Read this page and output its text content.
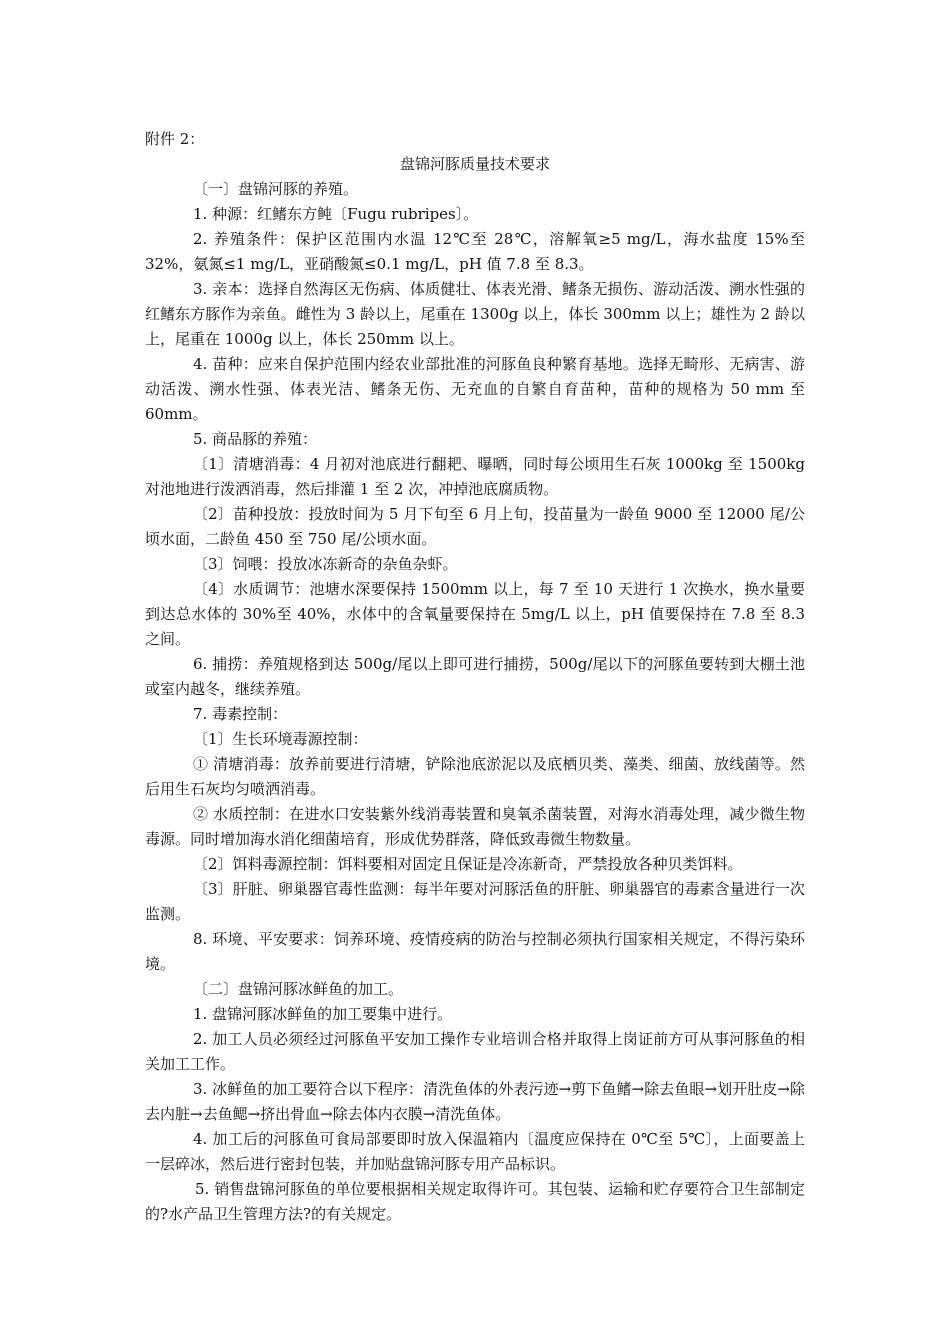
附件 2：

盘锦河豚质量技术要求

〔一〕盘锦河豚的养殖。

1. 种源：红鳍东方鲀〔Fugu rubripes〕。

2. 养殖条件：保护区范围内水温 12℃至 28℃，溶解氧≥5 mg/L，海水盐度 15%至 32%，氨氮≤1 mg/L，亚硝酸氮≤0.1 mg/L，pH 值 7.8 至 8.3。

3. 亲本：选择自然海区无伤病、体质健壮、体表光滑、鳍条无损伤、游动活泼、溯水性强的红鳍东方豚作为亲鱼。雌性为 3 龄以上，尾重在 1300g 以上，体长 300mm 以上；雄性为 2 龄以上，尾重在 1000g 以上，体长 250mm 以上。

4. 苗种：应来自保护范围内经农业部批准的河豚鱼良种繁育基地。选择无畸形、无病害、游动活泼、溯水性强、体表光洁、鳍条无伤、无充血的自繁自育苗种，苗种的规格为 50 mm 至 60mm。

5. 商品豚的养殖：

〔1〕清塘消毒：4 月初对池底进行翻耙、曝晒，同时每公顷用生石灰 1000kg 至 1500kg 对池地进行泼洒消毒，然后排灌 1 至 2 次，冲掉池底腐质物。

〔2〕苗种投放：投放时间为 5 月下旬至 6 月上旬，投苗量为一龄鱼 9000 至 12000 尾/公顷水面，二龄鱼 450 至 750 尾/公顷水面。

〔3〕饲喂：投放冰冻新奇的杂鱼杂虾。

〔4〕水质调节：池塘水深要保持 1500mm 以上，每 7 至 10 天进行 1 次换水，换水量要到达总水体的 30%至 40%，水体中的含氧量要保持在 5mg/L 以上，pH 值要保持在 7.8 至 8.3 之间。

6. 捕捞：养殖规格到达 500g/尾以上即可进行捕捞，500g/尾以下的河豚鱼要转到大棚土池或室内越冬，继续养殖。

7. 毒素控制：

〔1〕生长环境毒源控制：

① 清塘消毒：放养前要进行清塘，铲除池底淤泥以及底栖贝类、藻类、细菌、放线菌等。然后用生石灰均匀喷洒消毒。

② 水质控制：在进水口安装紫外线消毒装置和臭氧杀菌装置，对海水消毒处理，减少微生物毒源。同时增加海水消化细菌培育，形成优势群落，降低致毒微生物数量。

〔2〕饵料毒源控制：饵料要相对固定且保证是冷冻新奇，严禁投放各种贝类饵料。

〔3〕肝脏、卵巢器官毒性监测：每半年要对河豚活鱼的肝脏、卵巢器官的毒素含量进行一次监测。

8. 环境、平安要求：饲养环境、疫情疫病的防治与控制必须执行国家相关规定，不得污染环境。

〔二〕盘锦河豚冰鲜鱼的加工。

1. 盘锦河豚冰鲜鱼的加工要集中进行。

2. 加工人员必须经过河豚鱼平安加工操作专业培训合格并取得上岗证前方可从事河豚鱼的相关加工工作。

3. 冰鲜鱼的加工要符合以下程序：清洗鱼体的外表污迹→剪下鱼鳍→除去鱼眼→划开肚皮→除去内脏→去鱼鳃→挤出骨血→除去体内衣膜→清洗鱼体。

4. 加工后的河豚鱼可食局部要即时放入保温箱内〔温度应保持在 0℃至 5℃〕，上面要盖上一层碎冰，然后进行密封包装，并加贴盘锦河豚专用产品标识。

5. 销售盘锦河豚鱼的单位要根据相关规定取得许可。其包装、运输和贮存要符合卫生部制定的?水产品卫生管理方法?的有关规定。
